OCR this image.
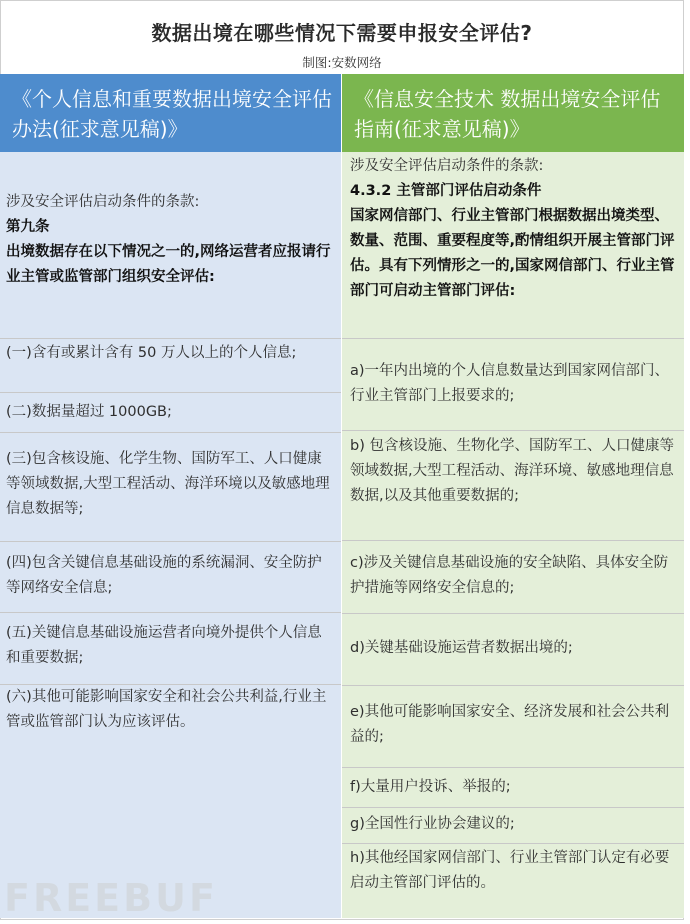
数据出境在哪些情况下需要申报安全评估?
制图:安数网络
《个人信息和重要数据出境安全评估办法(征求意见稿)》
《信息安全技术 数据出境安全评估指南(征求意见稿)》
涉及安全评估启动条件的条款:
第九条
出境数据存在以下情况之一的,网络运营者应报请行业主管或监管部门组织安全评估:
(一)含有或累计含有 50 万人以上的个人信息;
(二)数据量超过 1000GB;
(三)包含核设施、化学生物、国防军工、人口健康等领域数据,大型工程活动、海洋环境以及敏感地理信息数据等;
(四)包含关键信息基础设施的系统漏洞、安全防护等网络安全信息;
(五)关键信息基础设施运营者向境外提供个人信息和重要数据;
(六)其他可能影响国家安全和社会公共利益,行业主管或监管部门认为应该评估。
涉及安全评估启动条件的条款:
4.3.2 主管部门评估启动条件
国家网信部门、行业主管部门根据数据出境类型、数量、范围、重要程度等,酌情组织开展主管部门评估。具有下列情形之一的,国家网信部门、行业主管部门可启动主管部门评估:
a)一年内出境的个人信息数量达到国家网信部门、行业主管部门上报要求的;
b) 包含核设施、生物化学、国防军工、人口健康等领域数据,大型工程活动、海洋环境、敏感地理信息数据,以及其他重要数据的;
c)涉及关键信息基础设施的安全缺陷、具体安全防护措施等网络安全信息的;
d)关键基础设施运营者数据出境的;
e)其他可能影响国家安全、经济发展和社会公共利益的;
f)大量用户投诉、举报的;
g)全国性行业协会建议的;
h)其他经国家网信部门、行业主管部门认定有必要启动主管部门评估的。
FREEBUF
